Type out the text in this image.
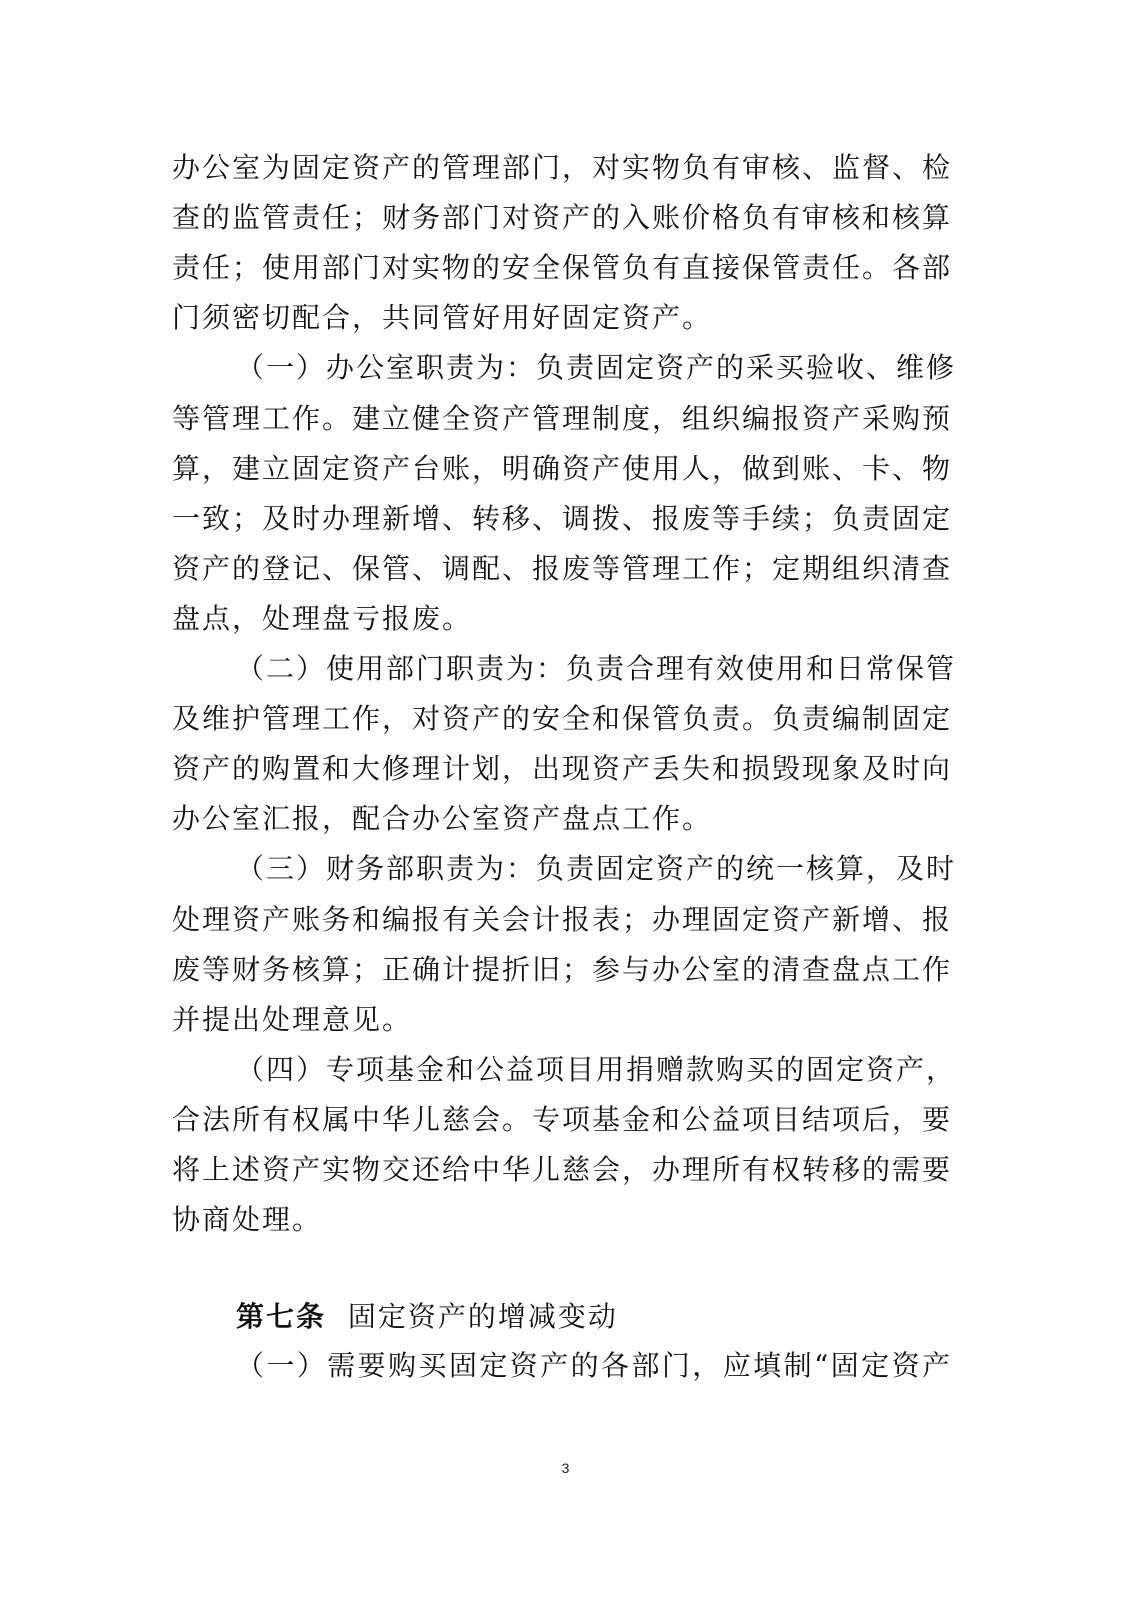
办公室为固定资产的管理部门，对实物负有审核、监督、检
查的监管责任；财务部门对资产的入账价格负有审核和核算
责任；使用部门对实物的安全保管负有直接保管责任。各部
门须密切配合，共同管好用好固定资产。
（一）办公室职责为：负责固定资产的采买验收、维修
等管理工作。建立健全资产管理制度，组织编报资产采购预
算，建立固定资产台账，明确资产使用人，做到账、卡、物
一致；及时办理新增、转移、调拨、报废等手续；负责固定
资产的登记、保管、调配、报废等管理工作；定期组织清查
盘点，处理盘亏报废。
（二）使用部门职责为：负责合理有效使用和日常保管
及维护管理工作，对资产的安全和保管负责。负责编制固定
资产的购置和大修理计划，出现资产丢失和损毁现象及时向
办公室汇报，配合办公室资产盘点工作。
（三）财务部职责为：负责固定资产的统一核算，及时
处理资产账务和编报有关会计报表；办理固定资产新增、报
废等财务核算；正确计提折旧；参与办公室的清查盘点工作
并提出处理意见。
（四）专项基金和公益项目用捐赠款购买的固定资产，
合法所有权属中华儿慈会。专项基金和公益项目结项后，要
将上述资产实物交还给中华儿慈会，办理所有权转移的需要
协商处理。
第七条 固定资产的增减变动
（一）需要购买固定资产的各部门，应填制“固定资产
3
